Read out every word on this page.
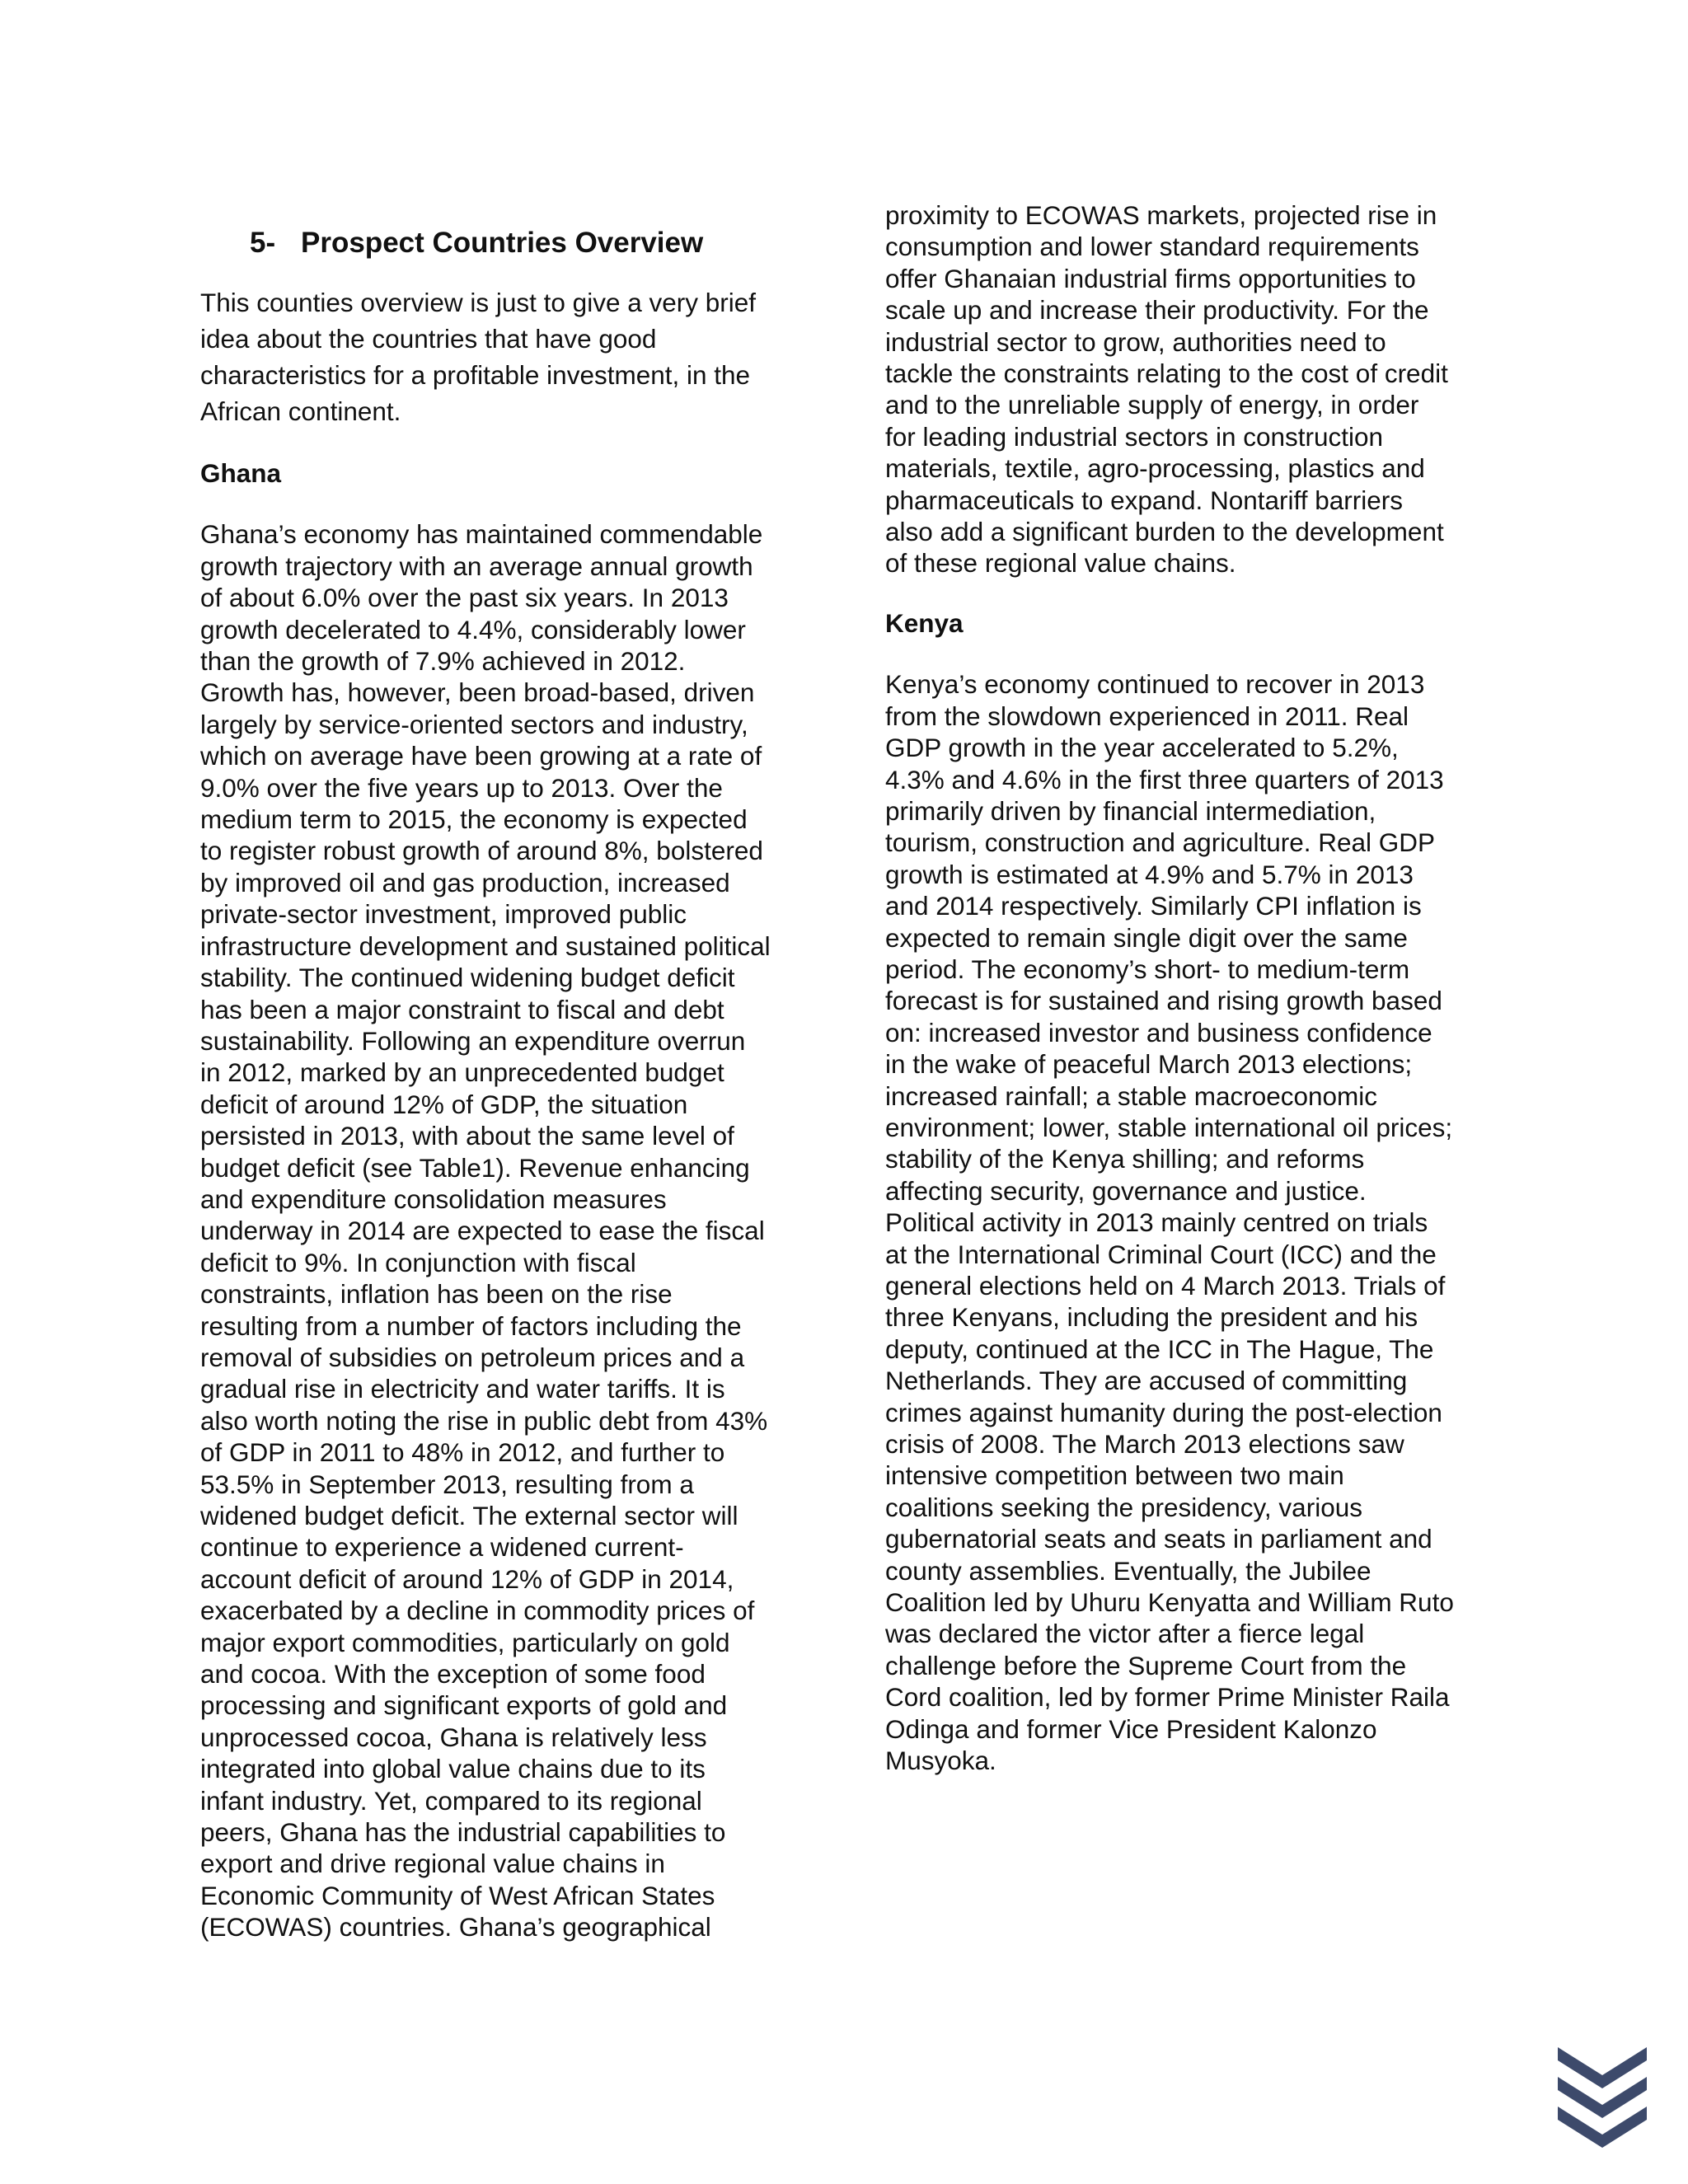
5- Prospect Countries Overview

This counties overview is just to give a very brief

idea about the countries that have good

characteristics for a profitable investment, in the

African continent.

Ghana
Ghana’s economy has maintained commendable
growth trajectory with an average annual growth
of about 6.0% over the past six years. In 2013
growth decelerated to 4.4%, considerably lower
than the growth of 7.9% achieved in 2012.
Growth has, however, been broad-based, driven
largely by service-oriented sectors and industry,
which on average have been growing at a rate of
9.0% over the five years up to 2013. Over the
medium term to 2015, the economy is expected
to register robust growth of around 8%, bolstered
by improved oil and gas production, increased
private-sector investment, improved public
infrastructure development and sustained political
stability. The continued widening budget deficit
has been a major constraint to fiscal and debt
sustainability. Following an expenditure overrun
in 2012, marked by an unprecedented budget
deficit of around 12% of GDP, the situation
persisted in 2013, with about the same level of
budget deficit (see Table1). Revenue enhancing
and expenditure consolidation measures
underway in 2014 are expected to ease the fiscal
deficit to 9%. In conjunction with fiscal
constraints, inflation has been on the rise
resulting from a number of factors including the
removal of subsidies on petroleum prices and a
gradual rise in electricity and water tariffs. It is
also worth noting the rise in public debt from 43%
of GDP in 2011 to 48% in 2012, and further to
53.5% in September 2013, resulting from a
widened budget deficit. The external sector will
continue to experience a widened current-
account deficit of around 12% of GDP in 2014,
exacerbated by a decline in commodity prices of
major export commodities, particularly on gold
and cocoa. With the exception of some food
processing and significant exports of gold and
unprocessed cocoa, Ghana is relatively less
integrated into global value chains due to its
infant industry. Yet, compared to its regional
peers, Ghana has the industrial capabilities to
export and drive regional value chains in
Economic Community of West African States
(ECOWAS) countries. Ghana’s geographical
proximity to ECOWAS markets, projected rise in
consumption and lower standard requirements
offer Ghanaian industrial firms opportunities to
scale up and increase their productivity. For the
industrial sector to grow, authorities need to
tackle the constraints relating to the cost of credit
and to the unreliable supply of energy, in order
for leading industrial sectors in construction
materials, textile, agro-processing, plastics and
pharmaceuticals to expand. Nontariff barriers
also add a significant burden to the development
of these regional value chains.
Kenya
Kenya’s economy continued to recover in 2013
from the slowdown experienced in 2011. Real
GDP growth in the year accelerated to 5.2%,
4.3% and 4.6% in the first three quarters of 2013
primarily driven by financial intermediation,
tourism, construction and agriculture. Real GDP
growth is estimated at 4.9% and 5.7% in 2013
and 2014 respectively. Similarly CPI inflation is
expected to remain single digit over the same
period. The economy’s short- to medium-term
forecast is for sustained and rising growth based
on: increased investor and business confidence
in the wake of peaceful March 2013 elections;
increased rainfall; a stable macroeconomic
environment; lower, stable international oil prices;
stability of the Kenya shilling; and reforms
affecting security, governance and justice.
Political activity in 2013 mainly centred on trials
at the International Criminal Court (ICC) and the
general elections held on 4 March 2013. Trials of
three Kenyans, including the president and his
deputy, continued at the ICC in The Hague, The
Netherlands. They are accused of committing
crimes against humanity during the post-election
crisis of 2008. The March 2013 elections saw
intensive competition between two main
coalitions seeking the presidency, various
gubernatorial seats and seats in parliament and
county assemblies. Eventually, the Jubilee
Coalition led by Uhuru Kenyatta and William Ruto
was declared the victor after a fierce legal
challenge before the Supreme Court from the
Cord coalition, led by former Prime Minister Raila
Odinga and former Vice President Kalonzo
Musyoka.
